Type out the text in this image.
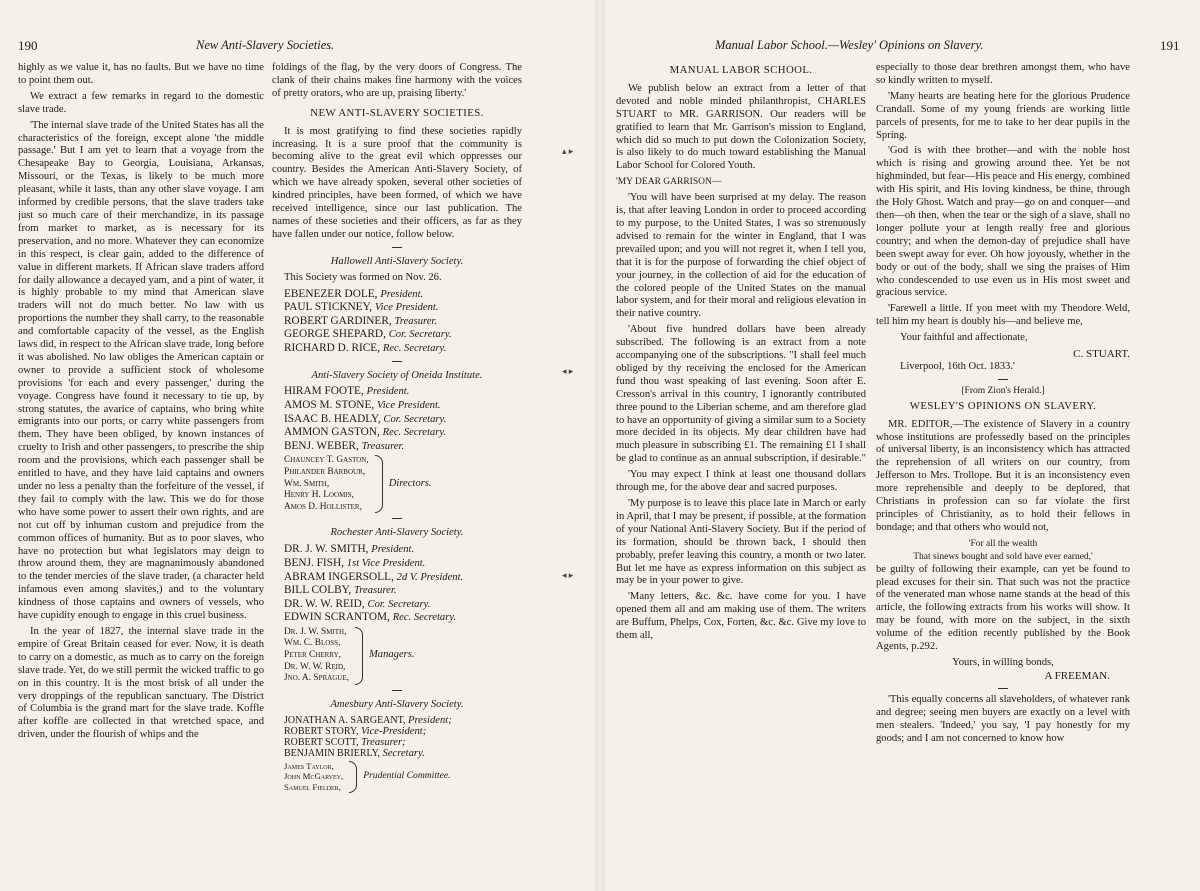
190	New Anti-Slavery Societies.

highly as we value it, has no faults. But we have no time to point them out.

We extract a few remarks in regard to the domestic slave trade.

'The internal slave trade of the United States has all the characteristics of the foreign, except alone 'the middle passage.' But I am yet to learn that a voyage from the Chesapeake Bay to Georgia, Louisiana, Arkansas, Missouri, or the Texas, is likely to be much more pleasant, while it lasts, than any other slave voyage. I am informed by credible persons, that the slave traders take just so much care of their merchandize, in its passage from market to market, as is necessary for its preservation, and no more. Whatever they can economize in this respect, is clear gain, added to the difference of value in different markets. If African slave traders afford for daily allowance a decayed yam, and a pint of water, it is highly probable to my mind that American slave traders will not do much better. No law with us proportions the number they shall carry, to the reasonable and comfortable capacity of the vessel, as the English laws did, in respect to the African slave trade, long before it was abolished. No law obliges the American captain or owner to provide a sufficient stock of wholesome provisions 'for each and every passenger,' during the voyage. Congress have found it necessary to tie up, by strong statutes, the avarice of captains, who bring white emigrants into our ports, or carry white passengers from them. They have been obliged, by known instances of cruelty to Irish and other passengers, to prescribe the ship room and the provisions, which each passenger shall be entitled to have, and they have laid captains and owners under no less a penalty than the forfeiture of the vessel, if they fail to comply with the law. This we do for those who have some power to assert their own rights, and are not cut off by inhuman custom and prejudice from the common offices of humanity. But as to poor slaves, who have no protection but what legislators may deign to throw around them, they are magnanimously abandoned to the tender mercies of the slave trader, (a character held infamous even among slavites,) and to the voluntary kindness of those captains and owners of vessels, who have cupidity enough to engage in this cruel business.

In the year of 1827, the internal slave trade in the empire of Great Britain ceased for ever. Now, it is death to carry on a domestic, as much as to carry on the foreign slave trade. Yet, do we still permit the wicked traffic to go on in this country. It is the most brisk of all under the very droppings of the republican sanctuary. The District of Columbia is the grand mart for the slave trade. Koffle after koffle are collected in that wretched space, and driven, under the flourish of whips and the

foldings of the flag, by the very doors of Congress. The clank of their chains makes fine harmony with the voices of pretty orators, who are up, praising liberty.'

NEW ANTI-SLAVERY SOCIETIES.

It is most gratifying to find these societies rapidly increasing. It is a sure proof that the community is becoming alive to the great evil which oppresses our country. Besides the American Anti-Slavery Society, of which we have already spoken, several other societies of kindred principles, have been formed, of which we have received intelligence, since our last publication. The names of these societies and their officers, as far as they have fallen under our notice, follow below.

Hallowell Anti-Slavery Society.

This Society was formed on Nov. 26.

EBENEZER DOLE, President.
PAUL STICKNEY, Vice President.
ROBERT GARDINER, Treasurer.
GEORGE SHEPARD, Cor. Secretary.
RICHARD D. RICE, Rec. Secretary.
Anti-Slavery Society of Oneida Institute.
HIRAM FOOTE, President.
AMOS M. STONE, Vice President.
ISAAC B. HEADLY, Cor. Secretary.
AMMON GASTON, Rec. Secretary.
BENJ. WEBER, Treasurer.
Chauncey T. Gaston,
Philander Barbour,
Wm. Smith,
Henry H. Loomis,
Amos D. Hollister,
Directors.
Rochester Anti-Slavery Society.
DR. J. W. SMITH, President.
BENJ. FISH, 1st Vice President.
ABRAM INGERSOLL, 2d V. President.
BILL COLBY, Treasurer.
DR. W. W. REID, Cor. Secretary.
EDWIN SCRANTOM, Rec. Secretary.
Dr. J. W. Smith,
Wm. C. Bloss,
Peter Cherry,
Dr. W. W. Reid,
Jno. A. Sprague,
Managers.
Amesbury Anti-Slavery Society.
JONATHAN A. SARGEANT, President;
ROBERT STORY, Vice-President;
ROBERT SCOTT, Treasurer;
BENJAMIN BRIERLY, Secretary.
James Taylor,
John McGarvey,
Samuel Fielder,
Prudential Committee.
▴ ▸
◂ ▸
◂ ▸
Manual Labor School.—Wesley' Opinions on Slavery.	191
MANUAL LABOR SCHOOL.

We publish below an extract from a letter of that devoted and noble minded philanthropist, CHARLES STUART to MR. GARRISON. Our readers will be gratified to learn that Mr. Garrison's mission to England, which did so much to put down the Colonization Society, is also likely to do much toward establishing the Manual Labor School for Colored Youth.

'MY DEAR GARRISON—

'You will have been surprised at my delay. The reason is, that after leaving London in order to proceed according to my purpose, to the United States, I was so strenuously advised to remain for the winter in England, that I was prevailed upon; and you will not regret it, when I tell you, that it is for the purpose of forwarding the chief object of your journey, in the collection of aid for the education of the colored people of the United States on the manual labor system, and for their moral and religious elevation in their native country.

'About five hundred dollars have been already subscribed. The following is an extract from a note accompanying one of the subscriptions. "I shall feel much obliged by thy receiving the enclosed for the American fund thou wast speaking of last evening. Soon after E. Cresson's arrival in this country, I ignorantly contributed three pound to the Liberian scheme, and am therefore glad to have an opportunity of giving a similar sum to a Society more decided in its objects. My dear children have had much pleasure in subscribing £1. The remaining £1 I shall be glad to continue as an annual subscription, if desirable."

'You may expect I think at least one thousand dollars through me, for the above dear and sacred purposes.

'My purpose is to leave this place late in March or early in April, that I may be present, if possible, at the formation of your National Anti-Slavery Society. But if the period of its formation, should be thrown back, I should then probably, prefer leaving this country, a month or two later. But let me have as express information on this subject as may be in your power to give.

'Many letters, &c. &c. have come for you. I have opened them all and am making use of them. The writers are Buffum, Phelps, Cox, Forten, &c. &c. Give my love to them all,

especially to those dear brethren amongst them, who have so kindly written to myself.

'Many hearts are beating here for the glorious Prudence Crandall. Some of my young friends are working little parcels of presents, for me to take to her dear pupils in the Spring.

'God is with thee brother—and with the noble host which is rising and growing around thee. Yet be not highminded, but fear—His peace and His energy, combined with His spirit, and His loving kindness, be thine, through the Holy Ghost. Watch and pray—go on and conquer—and then—oh then, when the tear or the sigh of a slave, shall no longer pollute your at length really free and glorious country; and when the demon-day of prejudice shall have been swept away for ever. Oh how joyously, whether in the body or out of the body, shall we sing the praises of Him who condescended to use even us in His most sweet and gracious service.

'Farewell a little. If you meet with my Theodore Weld, tell him my heart is doubly his—and believe me,

Your faithful and affectionate,

C. STUART.

Liverpool, 16th Oct. 1833.'

[From Zion's Herald.]
WESLEY'S OPINIONS ON SLAVERY.

MR. EDITOR,—The existence of Slavery in a country whose institutions are professedly based on the principles of universal liberty, is an inconsistency which has attracted the reprehension of all writers on our country, from Jefferson to Mrs. Trollope. But it is an inconsistency even more reprehensible and deeply to be deplored, that Christians in profession can so far violate the first principles of Christianity, as to hold their fellows in bondage; and that others who would not,

'For all the wealth
That sinews bought and sold have ever earned,'

be guilty of following their example, can yet be found to plead excuses for their sin. That such was not the practice of the venerated man whose name stands at the head of this article, the following extracts from his works will show. It may be found, with more on the subject, in the sixth volume of the edition recently published by the Book Agents, p.292.

Yours, in willing bonds,
A FREEMAN.

'This equally concerns all slaveholders, of whatever rank and degree; seeing men buyers are exactly on a level with men stealers. 'Indeed,' you say, 'I pay honestly for my goods; and I am not concerned to know how
